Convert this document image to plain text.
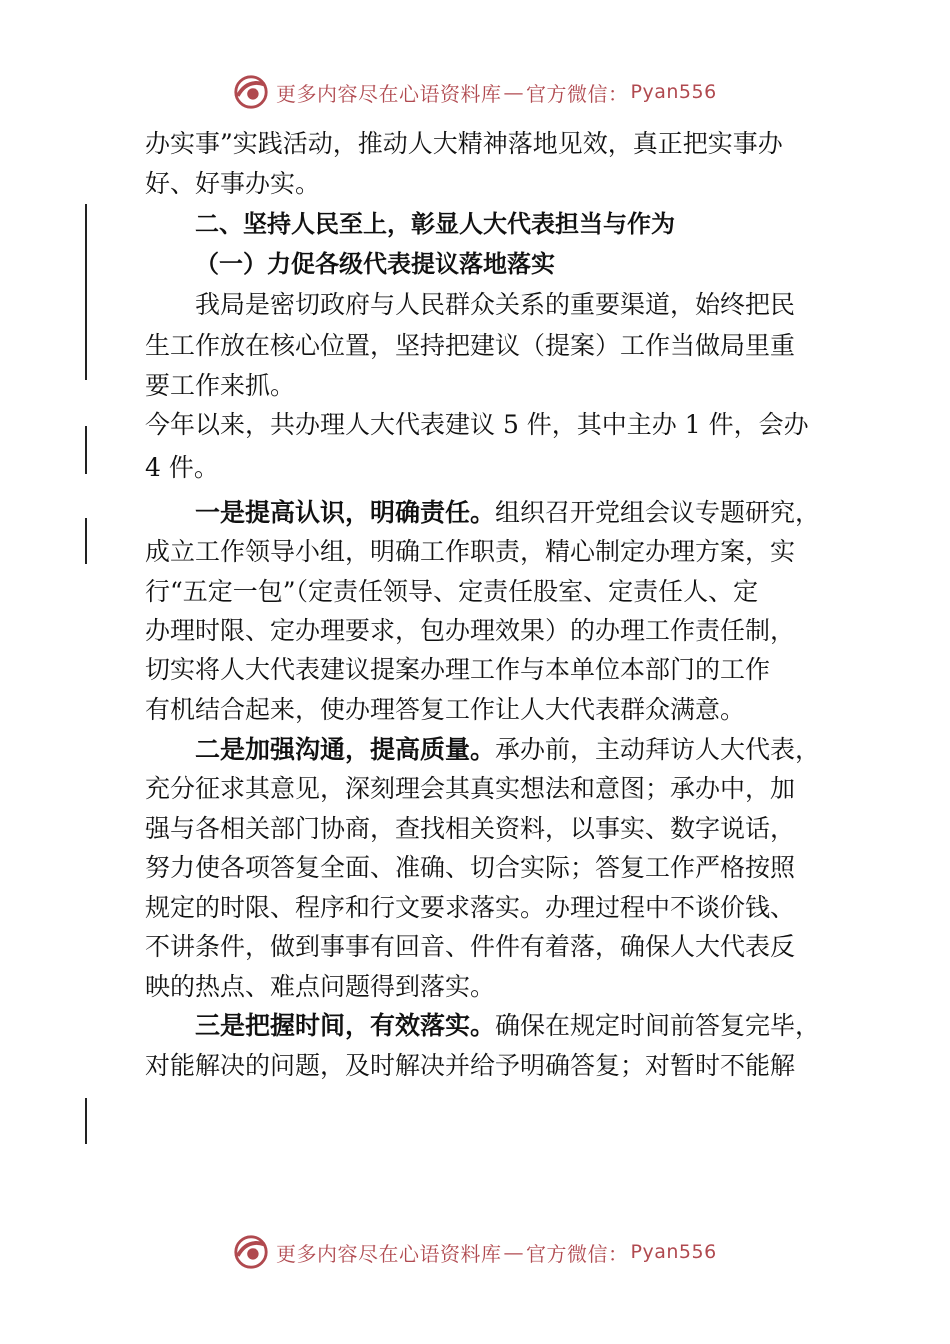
更多内容尽在心语资料库 — 官方微信： Pyan556
办实事”实践活动，推动人大精神落地见效，真正把实事办
好、好事办实。
二、坚持人民至上，彰显人大代表担当与作为
（一）力促各级代表提议落地落实
我局是密切政府与人民群众关系的重要渠道，始终把民
生工作放在核心位置，坚持把建议（提案）工作当做局里重
要工作来抓。
今年以来，共办理人大代表建议 5 件，其中主办 1 件，会办
4 件。
一是提高认识，明确责任。组织召开党组会议专题研究，
成立工作领导小组，明确工作职责，精心制定办理方案，实
行“五定一包”（定责任领导、定责任股室、定责任人、定
办理时限、定办理要求，包办理效果）的办理工作责任制，
切实将人大代表建议提案办理工作与本单位本部门的工作
有机结合起来，使办理答复工作让人大代表群众满意。
二是加强沟通，提高质量。承办前，主动拜访人大代表，
充分征求其意见，深刻理会其真实想法和意图；承办中，加
强与各相关部门协商，查找相关资料，以事实、数字说话，
努力使各项答复全面、准确、切合实际；答复工作严格按照
规定的时限、程序和行文要求落实。办理过程中不谈价钱、
不讲条件，做到事事有回音、件件有着落，确保人大代表反
映的热点、难点问题得到落实。
三是把握时间，有效落实。确保在规定时间前答复完毕，
对能解决的问题，及时解决并给予明确答复；对暂时不能解
更多内容尽在心语资料库 — 官方微信： Pyan556
